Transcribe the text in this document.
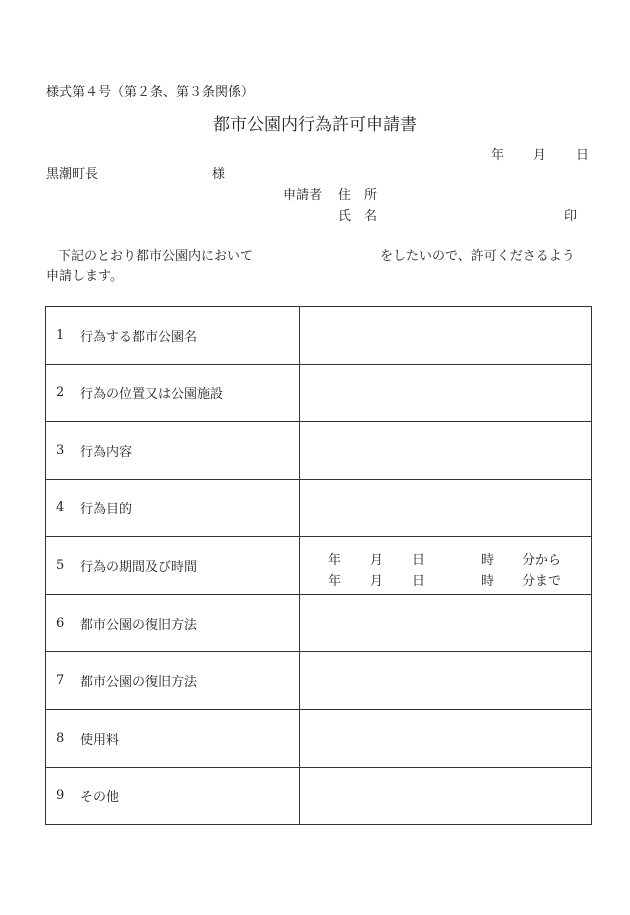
様式第４号（第２条、第３条関係）
都市公園内行為許可申請書
年 月 日
黒潮町長	様
申請者 住　所
氏　名	印
下記のとおり都市公園内において	をしたいので、許可くださるよう
申請します。
1	行為する都市公園名
2	行為の位置又は公園施設
3	行為内容
4	行為目的
5	行為の期間及び時間	年 月 日	時 分から
年 月 日	時 分まで
6	都市公園の復旧方法
7	都市公園の復旧方法
8	使用料
9	その他
